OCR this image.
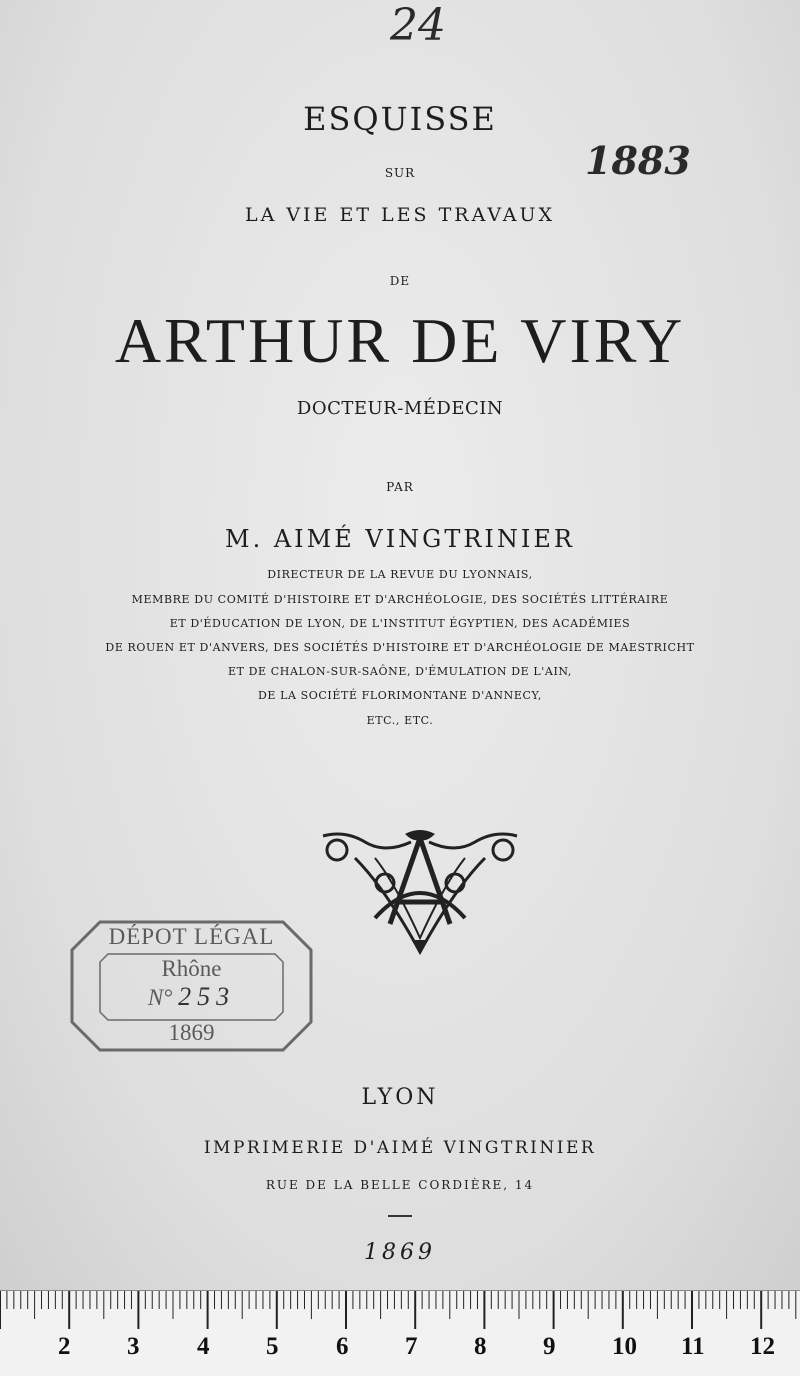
24
1883
ESQUISSE
SUR
LA VIE ET LES TRAVAUX
DE
ARTHUR DE VIRY
DOCTEUR-MÉDECIN
PAR
M. AIMÉ VINGTRINIER
DIRECTEUR DE LA REVUE DU LYONNAIS,
MEMBRE DU COMITÉ D'HISTOIRE ET D'ARCHÉOLOGIE, DES SOCIÉTÉS LITTÉRAIRE
ET D'ÉDUCATION DE LYON, DE L'INSTITUT ÉGYPTIEN, DES ACADÉMIES
DE ROUEN ET D'ANVERS, DES SOCIÉTÉS D'HISTOIRE ET D'ARCHÉOLOGIE DE MAESTRICHT
ET DE CHALON-SUR-SAÔNE, D'ÉMULATION DE L'AIN,
DE LA SOCIÉTÉ FLORIMONTANE D'ANNECY,
ETC., ETC.
DÉPOT LÉGAL
Rhône
N° 253
1869
LYON
IMPRIMERIE D'AIMÉ VINGTRINIER
RUE DE LA BELLE CORDIÈRE, 14
1869
2 3 4 5 6 7 8 9 10 11 12
